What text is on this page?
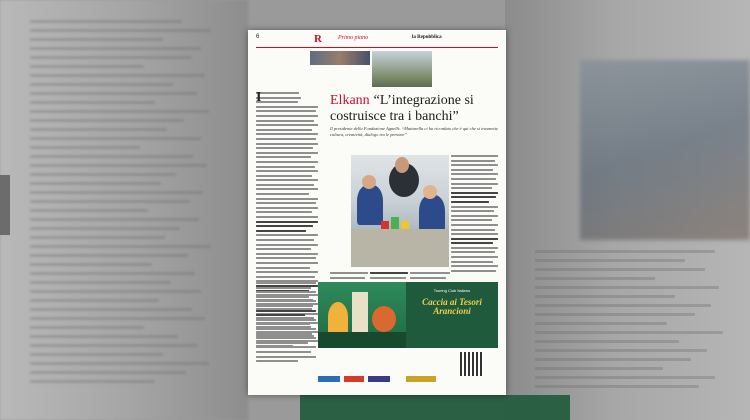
6	R	Primo piano	la Repubblica
I	Elkann “L’integrazione si costruisce tra i banchi”
Il presidente della Fondazione Agnelli: “Mattarella ci ha ricordato che è qui che si trasmette cultura, creatività, dialogo tra le persone”
Touring Club Italiano
Caccia ai Tesori Arancioni
